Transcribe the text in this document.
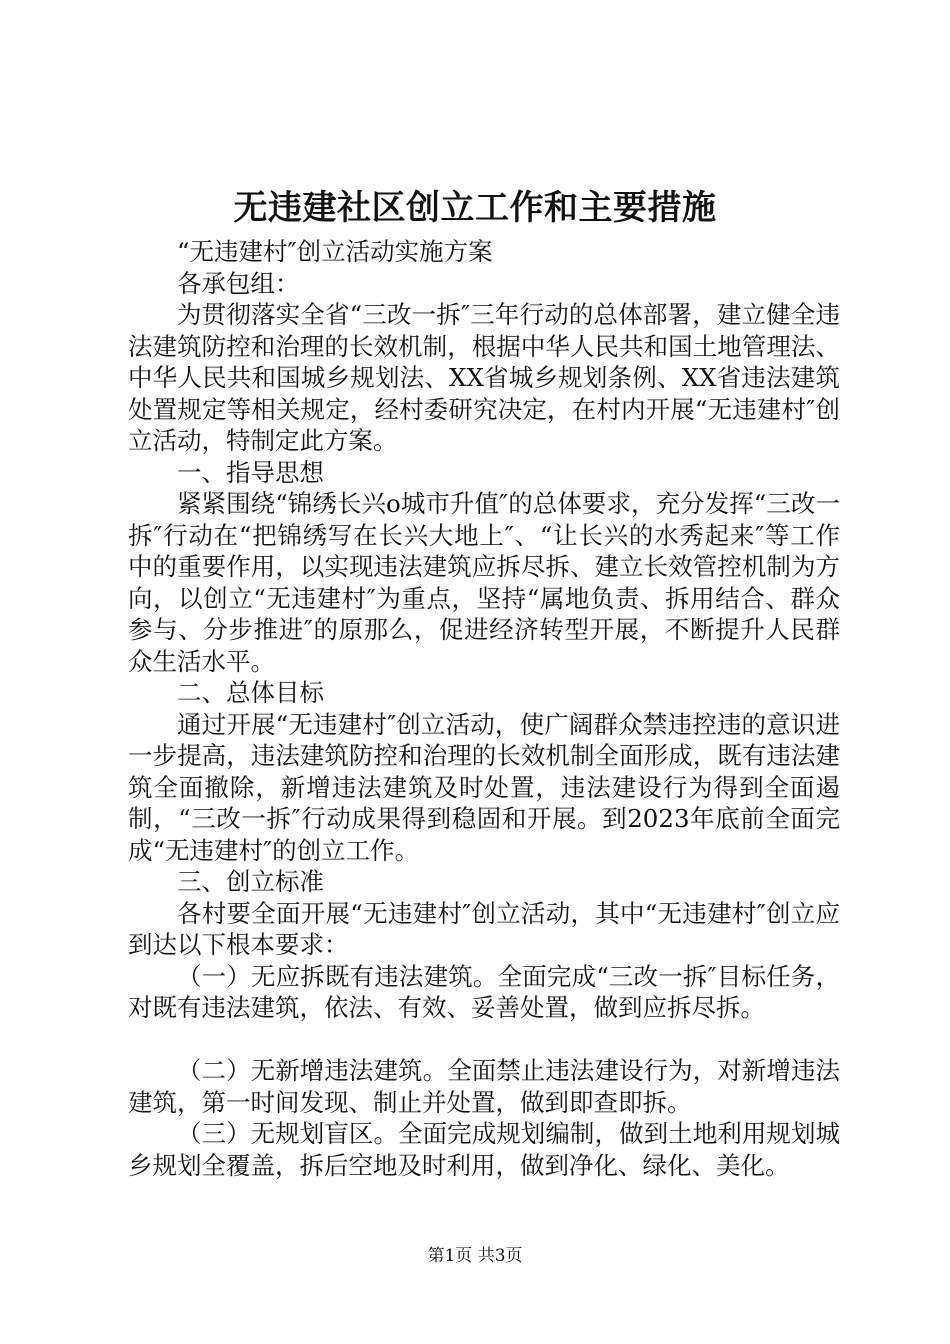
无违建社区创立工作和主要措施

“无违建村″创立活动实施方案

各承包组：

为贯彻落实全省“三改一拆″三年行动的总体部署，建立健全违法建筑防控和治理的长效机制，根据中华人民共和国土地管理法、中华人民共和国城乡规划法、XX省城乡规划条例、XX省违法建筑处置规定等相关规定，经村委研究决定，在村内开展“无违建村″创立活动，特制定此方案。

一、指导思想

紧紧围绕“锦绣长兴o城市升值″的总体要求，充分发挥“三改一拆″行动在“把锦绣写在长兴大地上″、“让长兴的水秀起来″等工作中的重要作用，以实现违法建筑应拆尽拆、建立长效管控机制为方向，以创立“无违建村″为重点，坚持“属地负责、拆用结合、群众参与、分步推进″的原那么，促进经济转型开展，不断提升人民群众生活水平。

二、总体目标

通过开展“无违建村″创立活动，使广阔群众禁违控违的意识进一步提高，违法建筑防控和治理的长效机制全面形成，既有违法建筑全面撤除，新增违法建筑及时处置，违法建设行为得到全面遏制，“三改一拆″行动成果得到稳固和开展。到2023年底前全面完成“无违建村″的创立工作。

三、创立标准

各村要全面开展“无违建村″创立活动，其中“无违建村″创立应到达以下根本要求：

（一）无应拆既有违法建筑。全面完成“三改一拆″目标任务，对既有违法建筑，依法、有效、妥善处置，做到应拆尽拆。

（二）无新增违法建筑。全面禁止违法建设行为，对新增违法建筑，第一时间发现、制止并处置，做到即查即拆。

（三）无规划盲区。全面完成规划编制，做到土地利用规划城乡规划全覆盖，拆后空地及时利用，做到净化、绿化、美化。

第1页 共3页
